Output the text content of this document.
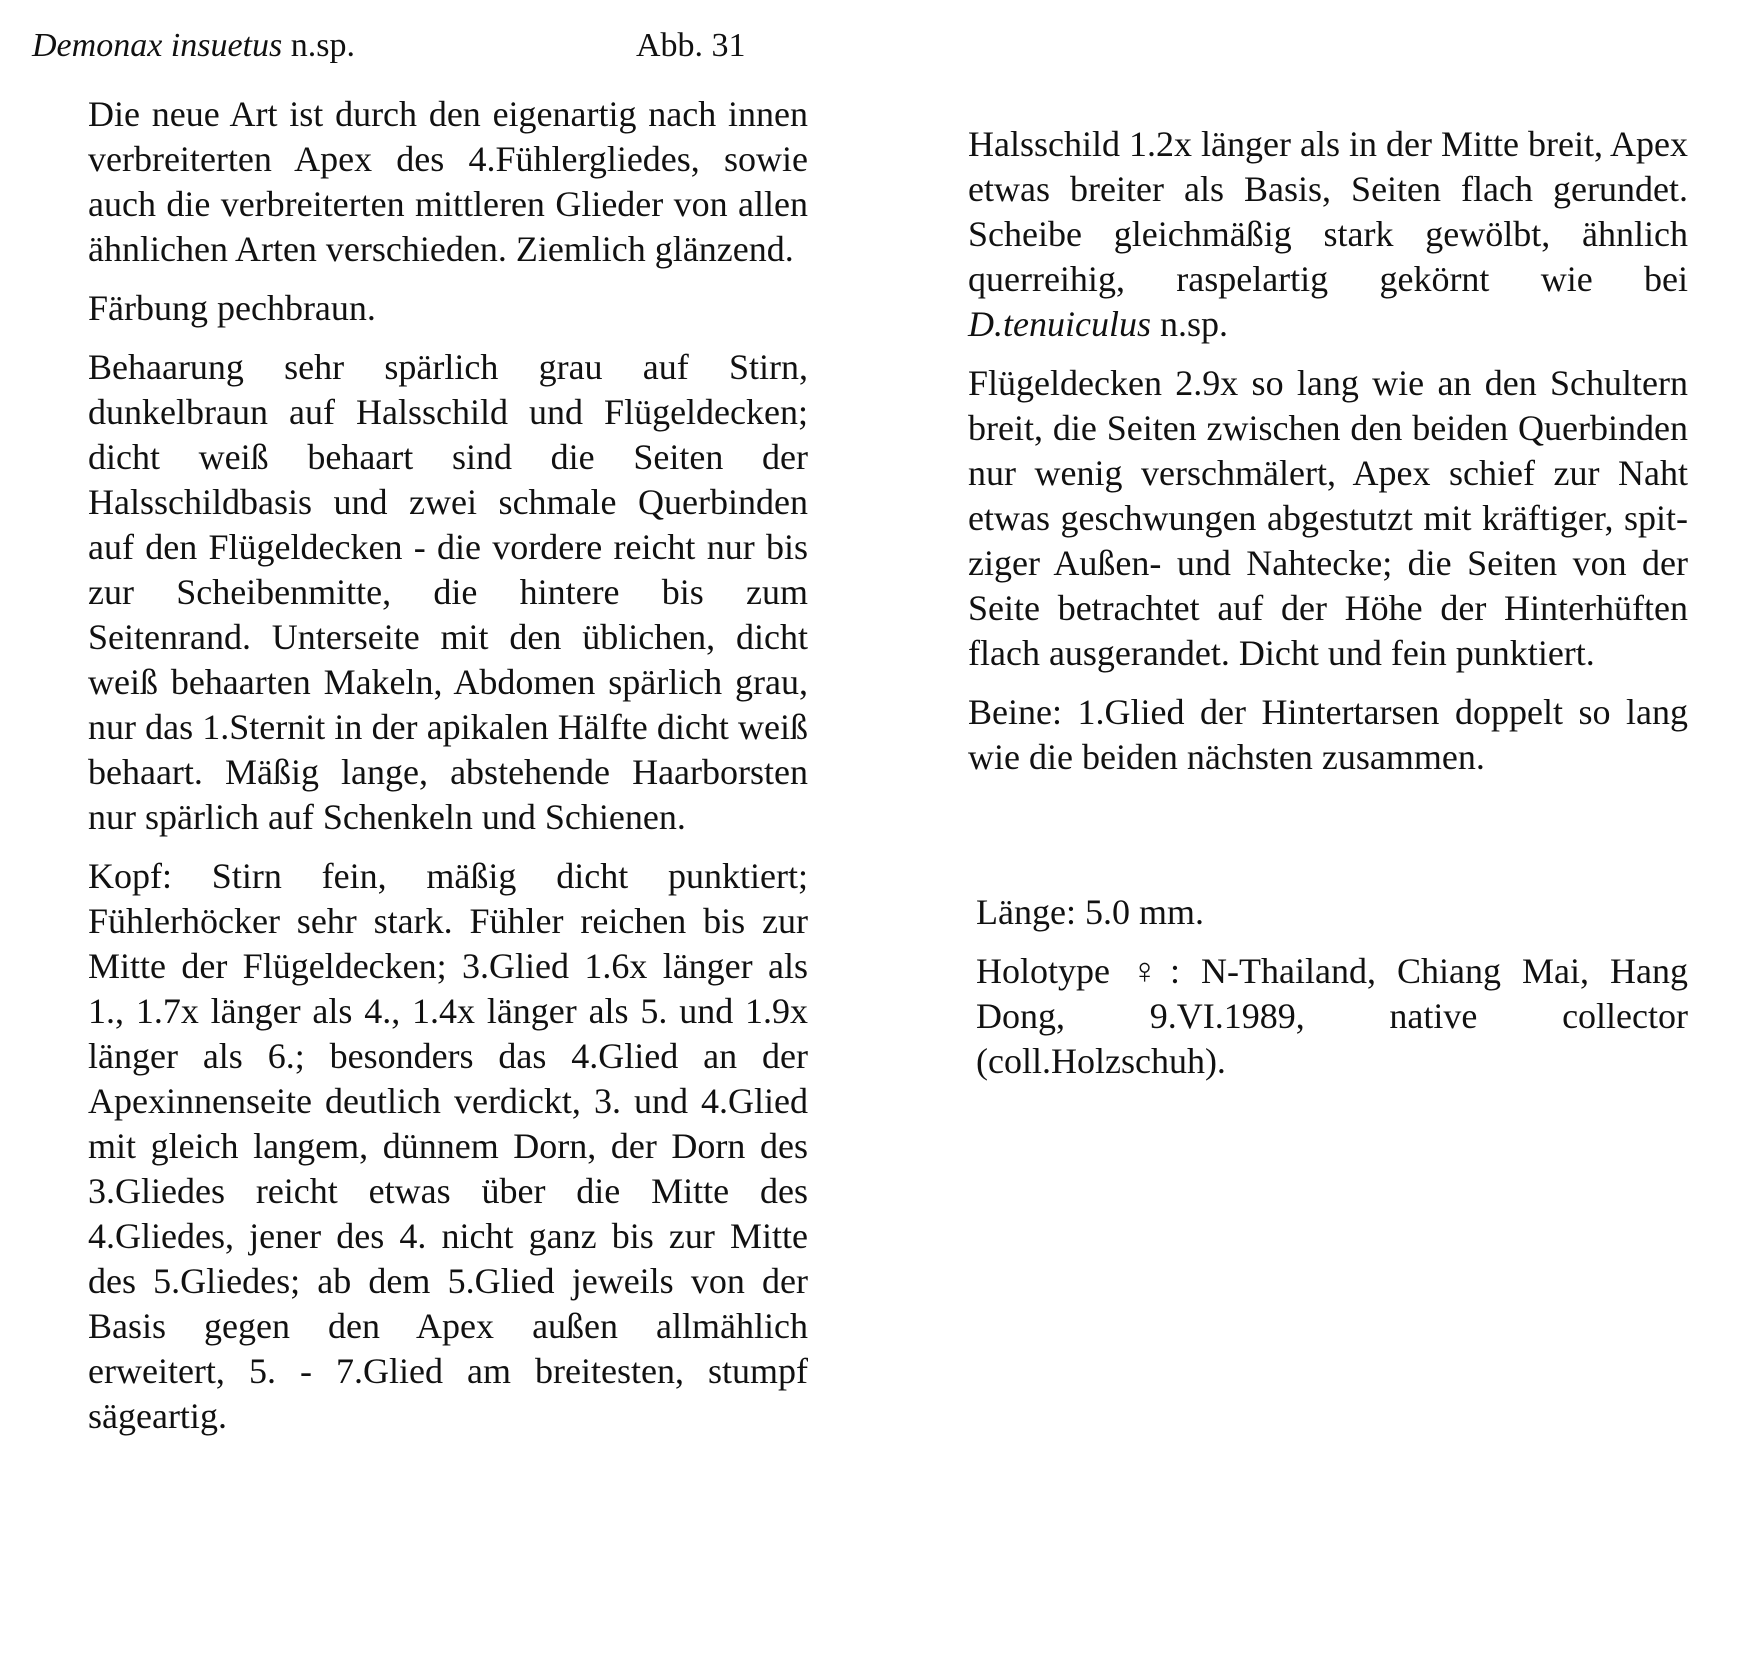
Demonax insuetus n.sp.	Abb. 31

Die neue Art ist durch den eigenartig nach innen verbreiterten Apex des 4.Fühlergliedes, sowie auch die verbreiterten mittleren Glieder von allen ähnlichen Arten verschieden. Ziemlich glänzend.

Färbung pechbraun.

Behaarung sehr spärlich grau auf Stirn, dunkelbraun auf Halsschild und Flügeldecken; dicht weiß behaart sind die Seiten der Halsschildbasis und zwei schmale Querbinden auf den Flügeldecken - die vordere reicht nur bis zur Scheibenmitte, die hintere bis zum Seitenrand. Unterseite mit den üblichen, dicht weiß behaarten Makeln, Abdomen spärlich grau, nur das 1.Sternit in der apikalen Hälfte dicht weiß behaart. Mäßig lange, abstehende Haarborsten nur spärlich auf Schenkeln und Schienen.

Kopf: Stirn fein, mäßig dicht punktiert; Fühlerhöcker sehr stark. Fühler reichen bis zur Mitte der Flügeldecken; 3.Glied 1.6x länger als 1., 1.7x länger als 4., 1.4x länger als 5. und 1.9x länger als 6.; besonders das 4.Glied an der Apexinnenseite deutlich verdickt, 3. und 4.Glied mit gleich langem, dünnem Dorn, der Dorn des 3.Gliedes reicht etwas über die Mitte des 4.Gliedes, jener des 4. nicht ganz bis zur Mitte des 5.Gliedes; ab dem 5.Glied jeweils von der Basis gegen den Apex außen allmählich erweitert, 5. - 7.Glied am breitesten, stumpf sägeartig.

Halsschild 1.2x länger als in der Mitte breit, Apex etwas breiter als Basis, Seiten flach gerundet. Scheibe gleichmäßig stark gewölbt, ähnlich querreihig, raspelartig gekörnt wie bei D.tenuiculus n.sp.

Flügeldecken 2.9x so lang wie an den Schultern breit, die Seiten zwischen den beiden Querbinden nur wenig verschmälert, Apex schief zur Naht etwas geschwungen abgestutzt mit kräftiger, spitziger Außen- und Nahtecke; die Seiten von der Seite betrachtet auf der Höhe der Hinterhüften flach ausgerandet. Dicht und fein punktiert.

Beine: 1.Glied der Hintertarsen doppelt so lang wie die beiden nächsten zusammen.

Länge: 5.0 mm.

Holotype ♀: N-Thailand, Chiang Mai, Hang Dong, 9.VI.1989, native collector (coll.Holzschuh).
